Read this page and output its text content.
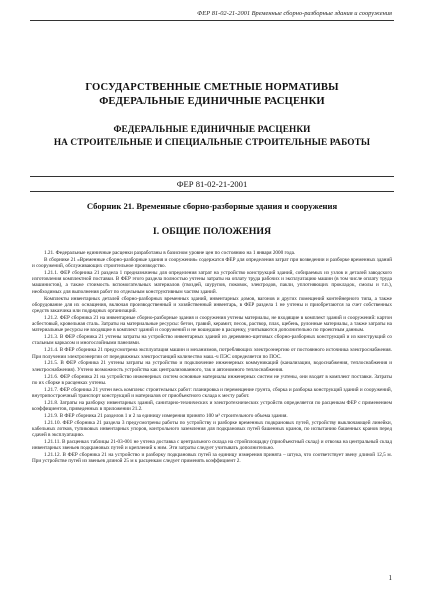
ФЕР 81-02-21-2001 Временные сборно-разборные здания и сооружения
ГОСУДАРСТВЕННЫЕ СМЕТНЫЕ НОРМАТИВЫ
ФЕДЕРАЛЬНЫЕ ЕДИНИЧНЫЕ РАСЦЕНКИ
ФЕДЕРАЛЬНЫЕ ЕДИНИЧНЫЕ РАСЦЕНКИ
НА СТРОИТЕЛЬНЫЕ И СПЕЦИАЛЬНЫЕ СТРОИТЕЛЬНЫЕ РАБОТЫ
ФЕР 81-02-21-2001
Сборник 21. Временные сборно-разборные здания и сооружения
I. ОБЩИЕ ПОЛОЖЕНИЯ

1.21. Федеральные единичные расценки разработаны в базисном уровне цен по состоянию на 1 января 2000 года.

В сборнике 21 «Временные сборно-разборные здания и сооружения» содержатся ФЕР для определения затрат при возведении и разборке временных зданий и сооружений, обслуживающих строительное производство.

1.21.1. ФЕР сборника 21 раздела 1 предназначены для определения затрат на устройство конструкций зданий, собираемых из узлов и деталей заводского изготовления комплектной поставки. В ФЕР этого раздела полностью учтены затраты на оплату труда рабочих и эксплуатацию машин (в том числе оплату труда машинистов), а также стоимость вспомогательных материалов (гвоздей, шурупов, поковок, электродов, пакли, уплотняющих прокладок, смолы и т.п.), необходимых для выполнения работ по отдельным конструктивным частям зданий.

Комплекты инвентарных деталей сборно-разборных временных зданий, инвентарных домов, вагонов и других помещений контейнерного типа, а также оборудование для их оснащения, включая производственный и хозяйственный инвентарь, в ФЕР раздела 1 не учтены и приобретаются за счет собственных средств заказчика или подрядных организаций.

1.21.2. ФЕР сборника 21 на инвентарные сборно-разборные здания и сооружения учтены материалы, не входящие в комплект зданий и сооружений: картон асбестовый, кровельная сталь. Затраты на материальные ресурсы: бетон, гравий, керамит, песок, раствор, плах, щебень, рулонные материалы, а также затраты на материальные ресурсы не входящие в комплект зданий и сооружений и не вошедшие в расценку, учитываются дополнительно по проектным данным.

1.21.3. В ФЕР сборника 21 учтены затраты на устройство инвентарных зданий из деревянно-щитовых сборно-разборных конструкций и из конструкций со стальным каркасом и многослойными панелями.

1.21.4. В ФЕР сборника 21 предусмотрена эксплуатация машин и механизмов, потребляющих электроэнергию от постоянного источника электроснабжения. При получении электроэнергии от передвижных электростанций количество маш.-ч ПЭС определяется по ПОС.

1.21.5. В ФЕР сборника 21 учтены затраты на устройство и подключение инженерных коммуникаций (канализации, водоснабжения, теплоснабжения и электроснабжения). Учтено возможность устройства как централизованного, так и автономного теплоснабжения.

1.21.6. ФЕР сборника 21 на устройство инженерных систем основные материалы инженерных систем не учтены, они входят в комплект поставки. Затраты по их сборке в расценках учтены.

1.21.7. ФЕР сборника 21 учтен весь комплекс строительных работ: планировка и перемещение грунта, сборка и разборка конструкций зданий и сооружений, внутрипостроечный транспорт конструкций и материалов от приобъектного склада к месту работ.

1.21.8. Затраты на разборку инвентарных зданий, санитарно-технических и электротехнических устройств определяется по расценкам ФЕР с применением коэффициентов, приведенных в приложении 21.2.

1.21.9. В ФЕР сборника 21 разделов 1 и 2 за единицу измерения принято 100 м³ строительного объема здания.

1.21.10. ФЕР сборника 21 раздела 3 предусмотрены работы по устройству и разборке временных подкрановых путей, устройству выключающей линейки, кабельных лотков, тупиковых инвентарных упоров, контрольного заземления для подкрановых путей башенных кранов, по испытанию башенных кранов перед сдачей в эксплуатацию.

1.21.11. В расценках таблицы 21-03-001 не учтена доставка с центрального склада на стройплощадку (приобъектный склад) и отвозка на центральный склад инвентарных звеньев подкрановых путей и креплений к ним. Эти затраты следует учитывать дополнительно.

1.21.12. В ФЕР сборника 21 на устройство и разборку подкрановых путей за единицу измерения принята – штука, что соответствует звену длиной 12,5 м. При устройстве путей из звеньев длиной 25 м к расценкам следует применять коэффициент 2.

1
